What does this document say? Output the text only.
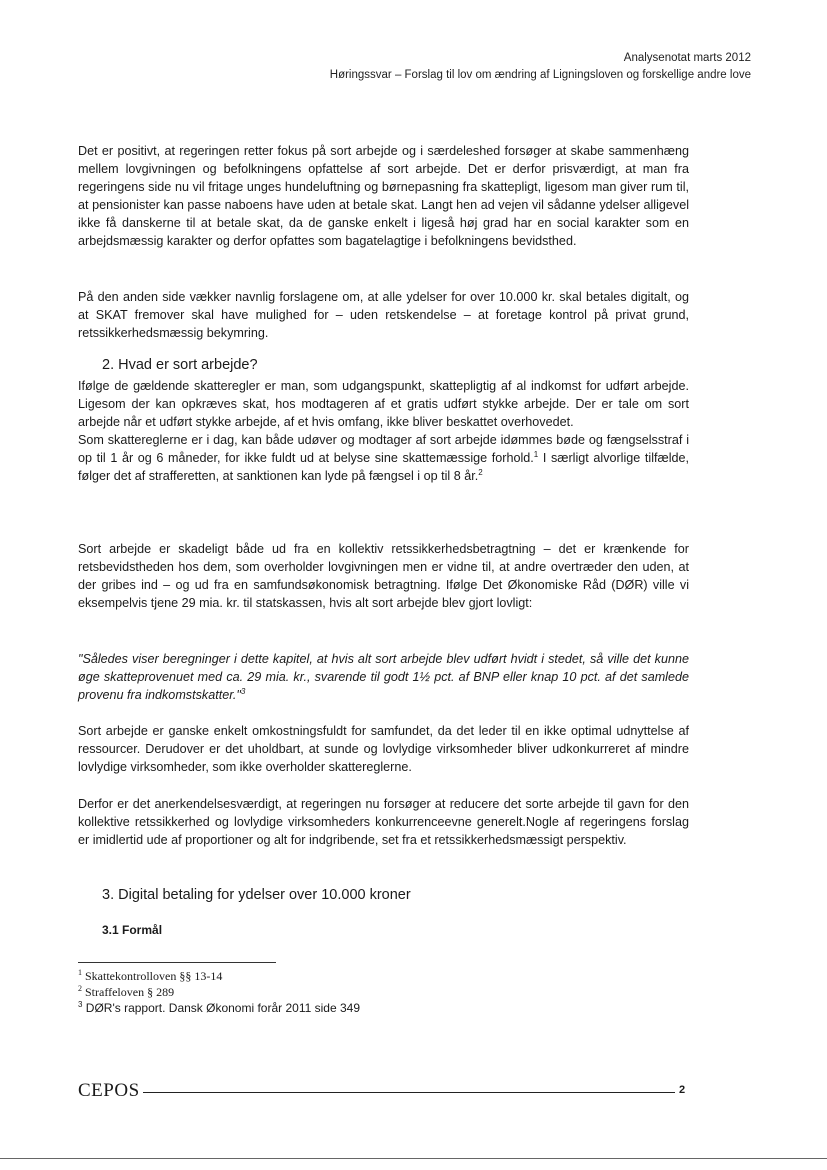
Analysenotat marts 2012
Høringssvar – Forslag til lov om ændring af Ligningsloven og forskellige andre love

Det er positivt, at regeringen retter fokus på sort arbejde og i særdeleshed forsøger at skabe sammenhæng mellem lovgivningen og befolkningens opfattelse af sort arbejde. Det er derfor prisværdigt, at man fra regeringens side nu vil fritage unges hundeluftning og børnepasning fra skattepligt, ligesom man giver rum til, at pensionister kan passe naboens have uden at betale skat. Langt hen ad vejen vil sådanne ydelser alligevel ikke få danskerne til at betale skat, da de ganske enkelt i ligeså høj grad har en social karakter som en arbejdsmæssig karakter og derfor opfattes som bagatelagtige i befolkningens bevidsthed.

På den anden side vækker navnlig forslagene om, at alle ydelser for over 10.000 kr. skal betales digitalt, og at SKAT fremover skal have mulighed for – uden retskendelse – at foretage kontrol på privat grund, retssikkerhedsmæssig bekymring.

2. Hvad er sort arbejde?

Ifølge de gældende skatteregler er man, som udgangspunkt, skattepligtig af al indkomst for udført arbejde. Ligesom der kan opkræves skat, hos modtageren af et gratis udført stykke arbejde. Der er tale om sort arbejde når et udført stykke arbejde, af et hvis omfang, ikke bliver beskattet overhovedet.

Som skattereglerne er i dag, kan både udøver og modtager af sort arbejde idømmes bøde og fængselsstraf i op til 1 år og 6 måneder, for ikke fuldt ud at belyse sine skattemæssige forhold.$^1$ I særligt alvorlige tilfælde, følger det af strafferetten, at sanktionen kan lyde på fængsel i op til 8 år.$^2$

Sort arbejde er skadeligt både ud fra en kollektiv retssikkerhedsbetragtning – det er krænkende for retsbevidstheden hos dem, som overholder lovgivningen men er vidne til, at andre overtræder den uden, at der gribes ind – og ud fra en samfundsøkonomisk betragtning. Ifølge Det Økonomiske Råd (DØR) ville vi eksempelvis tjene 29 mia. kr. til statskassen, hvis alt sort arbejde blev gjort lovligt:

"Således viser beregninger i dette kapitel, at hvis alt sort arbejde blev udført hvidt i stedet, så ville det kunne øge skatteprovenuet med ca. 29 mia. kr., svarende til godt 1½ pct. af BNP eller knap 10 pct. af det samlede provenu fra indkomstskatter."$^3$

Sort arbejde er ganske enkelt omkostningsfuldt for samfundet, da det leder til en ikke optimal udnyttelse af ressourcer. Derudover er det uholdbart, at sunde og lovlydige virksomheder bliver udkonkurreret af mindre lovlydige virksomheder, som ikke overholder skattereglerne.

Derfor er det anerkendelsesværdigt, at regeringen nu forsøger at reducere det sorte arbejde til gavn for den kollektive retssikkerhed og lovlydige virksomheders konkurrenceevne generelt.Nogle af regeringens forslag er imidlertid ude af proportioner og alt for indgribende, set fra et retssikkerhedsmæssigt perspektiv.

3. Digital betaling for ydelser over 10.000 kroner
3.1 Formål
$^1$ Skattekontrolloven §§ 13-14
$^2$ Straffeloven § 289
$^3$ DØR's rapport. Dansk Økonomi forår 2011 side 349
CEPOS	2
